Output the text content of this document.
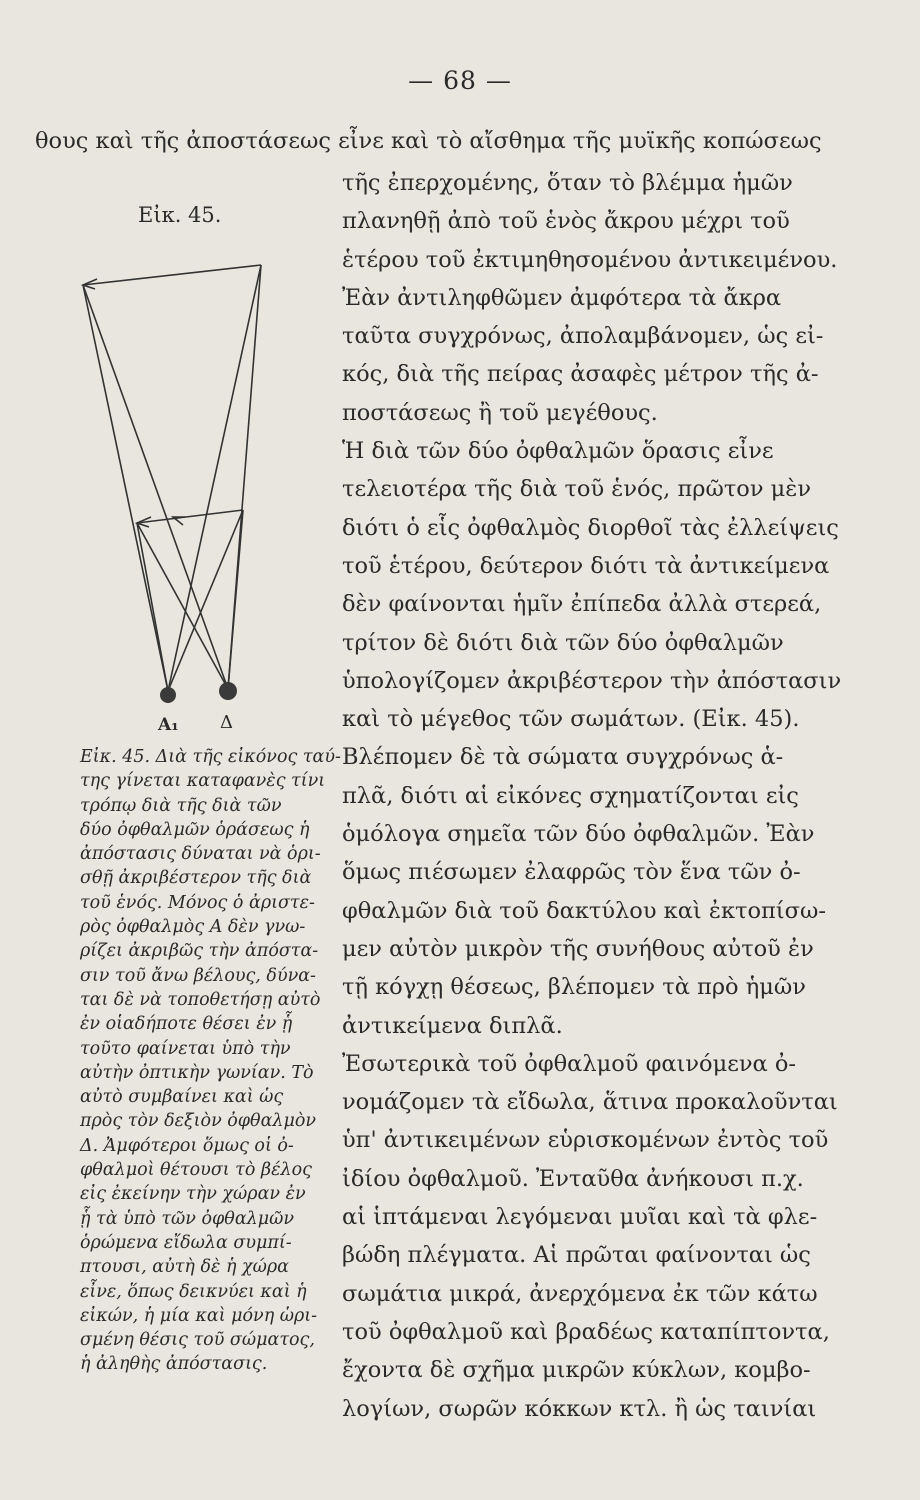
— 68 —
θους καὶ τῆς ἀποστάσεως εἶνε καὶ τὸ αἴσθημα τῆς μυϊκῆς κοπώσεως
Εἰκ. 45.
Α₁ Δ
τῆς ἐπερχομένης, ὅταν τὸ βλέμμα ἡμῶν
πλανηθῇ ἀπὸ τοῦ ἑνὸς ἄκρου μέχρι τοῦ
ἑτέρου τοῦ ἐκτιμηθησομένου ἀντικειμένου.
Ἐὰν ἀντιληφθῶμεν ἀμφότερα τὰ ἄκρα
ταῦτα συγχρόνως, ἀπολαμβάνομεν, ὡς εἰ-
κός, διὰ τῆς πείρας ἀσαφὲς μέτρον τῆς ἀ-
ποστάσεως ἢ τοῦ μεγέθους.
Ἡ διὰ τῶν δύο ὀφθαλμῶν ὅρασις εἶνε
τελειοτέρα τῆς διὰ τοῦ ἑνός, πρῶτον μὲν
διότι ὁ εἷς ὀφθαλμὸς διορθοῖ τὰς ἐλλείψεις
τοῦ ἑτέρου, δεύτερον διότι τὰ ἀντικείμενα
δὲν φαίνονται ἡμῖν ἐπίπεδα ἀλλὰ στερεά,
τρίτον δὲ διότι διὰ τῶν δύο ὀφθαλμῶν
ὑπολογίζομεν ἀκριβέστερον τὴν ἀπόστασιν
καὶ τὸ μέγεθος τῶν σωμάτων. (Εἰκ. 45).
Βλέπομεν δὲ τὰ σώματα συγχρόνως ἁ-
πλᾶ, διότι αἱ εἰκόνες σχηματίζονται εἰς
ὁμόλογα σημεῖα τῶν δύο ὀφθαλμῶν. Ἐὰν
ὅμως πιέσωμεν ἐλαφρῶς τὸν ἕνα τῶν ὀ-
φθαλμῶν διὰ τοῦ δακτύλου καὶ ἐκτοπίσω-
μεν αὐτὸν μικρὸν τῆς συνήθους αὐτοῦ ἐν
τῇ κόγχῃ θέσεως, βλέπομεν τὰ πρὸ ἡμῶν
ἀντικείμενα διπλᾶ.
Ἐσωτερικὰ τοῦ ὀφθαλμοῦ φαινόμενα ὀ-
νομάζομεν τὰ εἴδωλα, ἅτινα προκαλοῦνται
ὑπ' ἀντικειμένων εὑρισκομένων ἐντὸς τοῦ
ἰδίου ὀφθαλμοῦ. Ἐνταῦθα ἀνήκουσι π.χ.
αἱ ἱπτάμεναι λεγόμεναι μυῖαι καὶ τὰ φλε-
βώδη πλέγματα. Αἱ πρῶται φαίνονται ὡς
σωμάτια μικρά, ἀνερχόμενα ἐκ τῶν κάτω
τοῦ ὀφθαλμοῦ καὶ βραδέως καταπίπτοντα,
ἔχοντα δὲ σχῆμα μικρῶν κύκλων, κομβο-
λογίων, σωρῶν κόκκων κτλ. ἢ ὡς ταινίαι
Εἰκ. 45. Διὰ τῆς εἰκόνος ταύ-
της γίνεται καταφανὲς τίνι
τρόπῳ διὰ τῆς διὰ τῶν
δύο ὀφθαλμῶν ὁράσεως ἡ
ἀπόστασις δύναται νὰ ὁρι-
σθῇ ἀκριβέστερον τῆς διὰ
τοῦ ἑνός. Μόνος ὁ ἀριστε-
ρὸς ὀφθαλμὸς Α δὲν γνω-
ρίζει ἀκριβῶς τὴν ἀπόστα-
σιν τοῦ ἄνω βέλους, δύνα-
ται δὲ νὰ τοποθετήσῃ αὐτὸ
ἐν οἱαδήποτε θέσει ἐν ᾗ
τοῦτο φαίνεται ὑπὸ τὴν
αὐτὴν ὀπτικὴν γωνίαν. Τὸ
αὐτὸ συμβαίνει καὶ ὡς
πρὸς τὸν δεξιὸν ὀφθαλμὸν
Δ. Ἀμφότεροι ὅμως οἱ ὀ-
φθαλμοὶ θέτουσι τὸ βέλος
εἰς ἐκείνην τὴν χώραν ἐν
ᾗ τὰ ὑπὸ τῶν ὀφθαλμῶν
ὁρώμενα εἴδωλα συμπί-
πτουσι, αὐτὴ δὲ ἡ χώρα
εἶνε, ὅπως δεικνύει καὶ ἡ
εἰκών, ἡ μία καὶ μόνη ὡρι-
σμένη θέσις τοῦ σώματος,
ἡ ἀληθὴς ἀπόστασις.
